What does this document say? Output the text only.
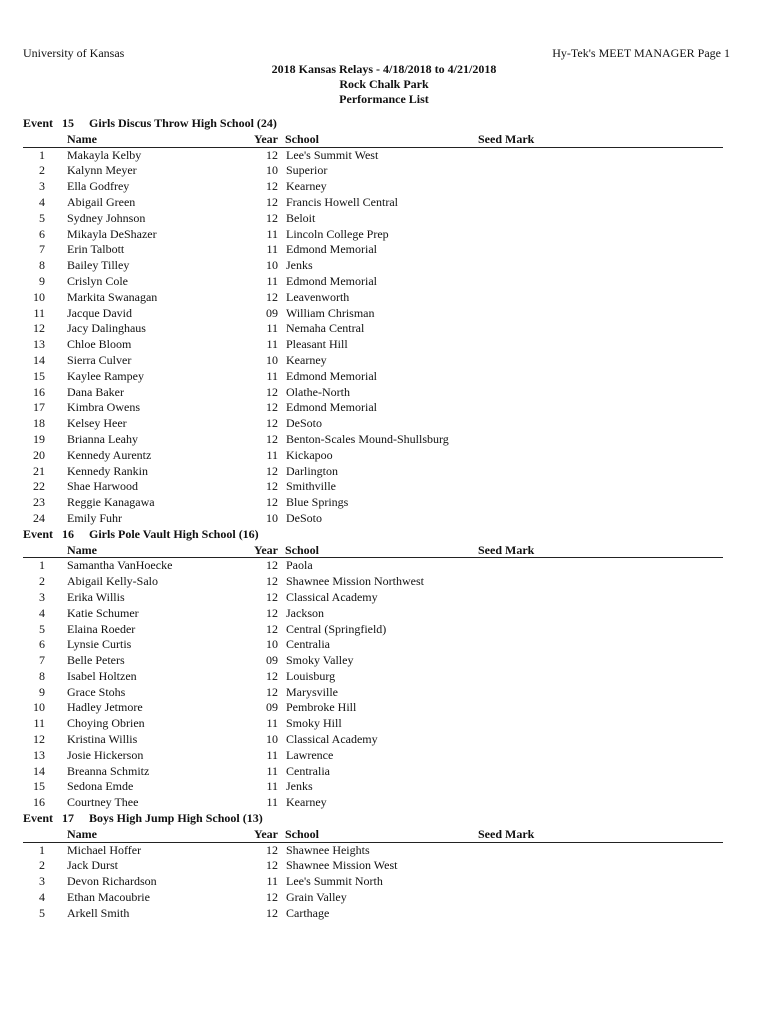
University of Kansas	Hy-Tek's MEET MANAGER Page 1
2018 Kansas Relays - 4/18/2018 to 4/21/2018
Rock Chalk Park
Performance List
Event 15 Girls Discus Throw High School (24)
Name	Year School	Seed Mark
1 Makayla Kelby	12 Lee's Summit West
2 Kalynn Meyer	10 Superior
3 Ella Godfrey	12 Kearney
4 Abigail Green	12 Francis Howell Central
5 Sydney Johnson	12 Beloit
6 Mikayla DeShazer	11 Lincoln College Prep
7 Erin Talbott	11 Edmond Memorial
8 Bailey Tilley	10 Jenks
9 Crislyn Cole	11 Edmond Memorial
10 Markita Swanagan	12 Leavenworth
11 Jacque David	09 William Chrisman
12 Jacy Dalinghaus	11 Nemaha Central
13 Chloe Bloom	11 Pleasant Hill
14 Sierra Culver	10 Kearney
15 Kaylee Rampey	11 Edmond Memorial
16 Dana Baker	12 Olathe-North
17 Kimbra Owens	12 Edmond Memorial
18 Kelsey Heer	12 DeSoto
19 Brianna Leahy	12 Benton-Scales Mound-Shullsburg
20 Kennedy Aurentz	11 Kickapoo
21 Kennedy Rankin	12 Darlington
22 Shae Harwood	12 Smithville
23 Reggie Kanagawa	12 Blue Springs
24 Emily Fuhr	10 DeSoto
Event 16 Girls Pole Vault High School (16)
Name	Year School	Seed Mark
1 Samantha VanHoecke	12 Paola
2 Abigail Kelly-Salo	12 Shawnee Mission Northwest
3 Erika Willis	12 Classical Academy
4 Katie Schumer	12 Jackson
5 Elaina Roeder	12 Central (Springfield)
6 Lynsie Curtis	10 Centralia
7 Belle Peters	09 Smoky Valley
8 Isabel Holtzen	12 Louisburg
9 Grace Stohs	12 Marysville
10 Hadley Jetmore	09 Pembroke Hill
11 Choying Obrien	11 Smoky Hill
12 Kristina Willis	10 Classical Academy
13 Josie Hickerson	11 Lawrence
14 Breanna Schmitz	11 Centralia
15 Sedona Emde	11 Jenks
16 Courtney Thee	11 Kearney
Event 17 Boys High Jump High School (13)
Name	Year School	Seed Mark
1 Michael Hoffer	12 Shawnee Heights
2 Jack Durst	12 Shawnee Mission West
3 Devon Richardson	11 Lee's Summit North
4 Ethan Macoubrie	12 Grain Valley
5 Arkell Smith	12 Carthage
